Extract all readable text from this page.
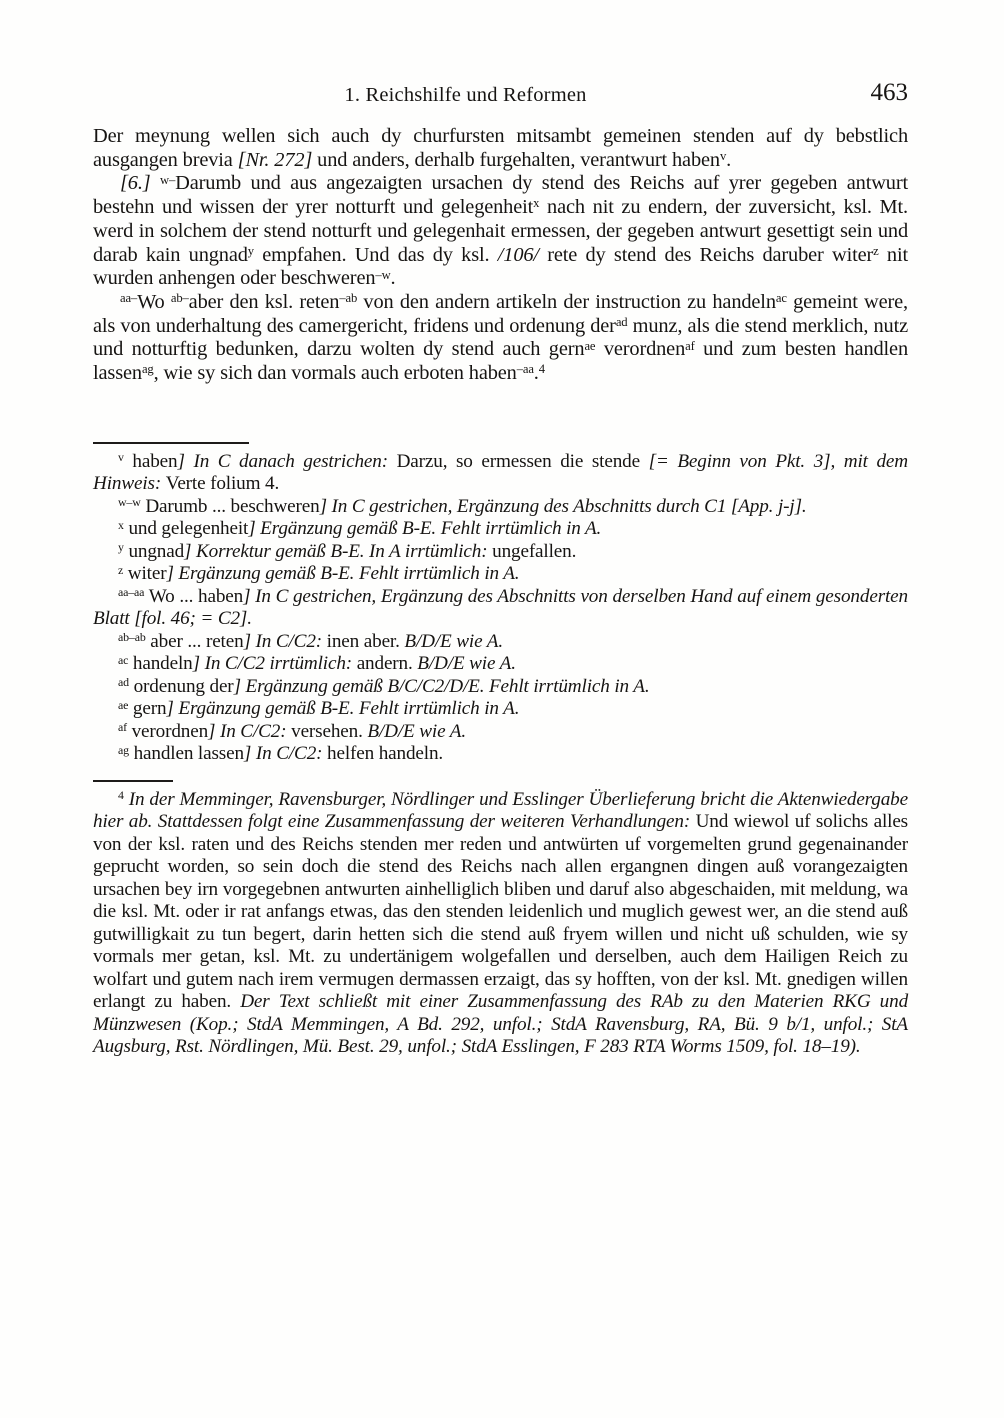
1. Reichshilfe und Reformen	463

Der meynung wellen sich auch dy churfursten mitsambt gemeinen stenden auf dy bebstlich ausgangen brevia [Nr. 272] und anders, derhalb furgehalten, verantwurt haben$^v$.

[6.] $^{w-}$Darumb und aus angezaigten ursachen dy stend des Reichs auf yrer gegeben antwurt bestehn und wissen der yrer notturft und gelegenheit$^x$ nach nit zu endern, der zuversicht, ksl. Mt. werd in solchem der stend notturft und gelegenhait ermessen, der gegeben antwurt gesettigt sein und darab kain ungnad$^y$ empfahen. Und das dy ksl. /106/ rete dy stend des Reichs daruber witer$^z$ nit wurden anhengen oder beschweren$^{-w}$.

$^{aa-}$Wo $^{ab-}$aber den ksl. reten$^{-ab}$ von den andern artikeln der instruction zu handeln$^{ac}$ gemeint were, als von underhaltung des camergericht, fridens und ordenung der$^{ad}$ munz, als die stend merklich, nutz und notturftig bedunken, darzu wolten dy stend auch gern$^{ae}$ verordnen$^{af}$ und zum besten handlen lassen$^{ag}$, wie sy sich dan vormals auch erboten haben$^{-aa}$.$^4$

$^v$ haben] In C danach gestrichen: Darzu, so ermessen die stende [= Beginn von Pkt. 3], mit dem Hinweis: Verte folium 4.

$^{w-w}$ Darumb ... beschweren] In C gestrichen, Ergänzung des Abschnitts durch C1 [App. j-j].

$^x$ und gelegenheit] Ergänzung gemäß B-E. Fehlt irrtümlich in A.

$^y$ ungnad] Korrektur gemäß B-E. In A irrtümlich: ungefallen.

$^z$ witer] Ergänzung gemäß B-E. Fehlt irrtümlich in A.

$^{aa-aa}$ Wo ... haben] In C gestrichen, Ergänzung des Abschnitts von derselben Hand auf einem gesonderten Blatt [fol. 46; = C2].

$^{ab-ab}$ aber ... reten] In C/C2: inen aber. B/D/E wie A.

$^{ac}$ handeln] In C/C2 irrtümlich: andern. B/D/E wie A.

$^{ad}$ ordenung der] Ergänzung gemäß B/C/C2/D/E. Fehlt irrtümlich in A.

$^{ae}$ gern] Ergänzung gemäß B-E. Fehlt irrtümlich in A.

$^{af}$ verordnen] In C/C2: versehen. B/D/E wie A.

$^{ag}$ handlen lassen] In C/C2: helfen handeln.

$^4$ In der Memminger, Ravensburger, Nördlinger und Esslinger Überlieferung bricht die Aktenwiedergabe hier ab. Stattdessen folgt eine Zusammenfassung der weiteren Verhandlungen: Und wiewol uf solichs alles von der ksl. raten und des Reichs stenden mer reden und antwürten uf vorgemelten grund gegenainander geprucht worden, so sein doch die stend des Reichs nach allen ergangnen dingen auß vorangezaigten ursachen bey irn vorgegebnen antwurten ainhelliglich bliben und daruf also abgeschaiden, mit meldung, wa die ksl. Mt. oder ir rat anfangs etwas, das den stenden leidenlich und muglich gewest wer, an die stend auß gutwilligkait zu tun begert, darin hetten sich die stend auß fryem willen und nicht uß schulden, wie sy vormals mer getan, ksl. Mt. zu undertänigem wolgefallen und derselben, auch dem Hailigen Reich zu wolfart und gutem nach irem vermugen dermassen erzaigt, das sy hofften, von der ksl. Mt. gnedigen willen erlangt zu haben. Der Text schließt mit einer Zusammenfassung des RAb zu den Materien RKG und Münzwesen (Kop.; StdA Memmingen, A Bd. 292, unfol.; StdA Ravensburg, RA, Bü. 9 b/1, unfol.; StA Augsburg, Rst. Nördlingen, Mü. Best. 29, unfol.; StdA Esslingen, F 283 RTA Worms 1509, fol. 18–19).
